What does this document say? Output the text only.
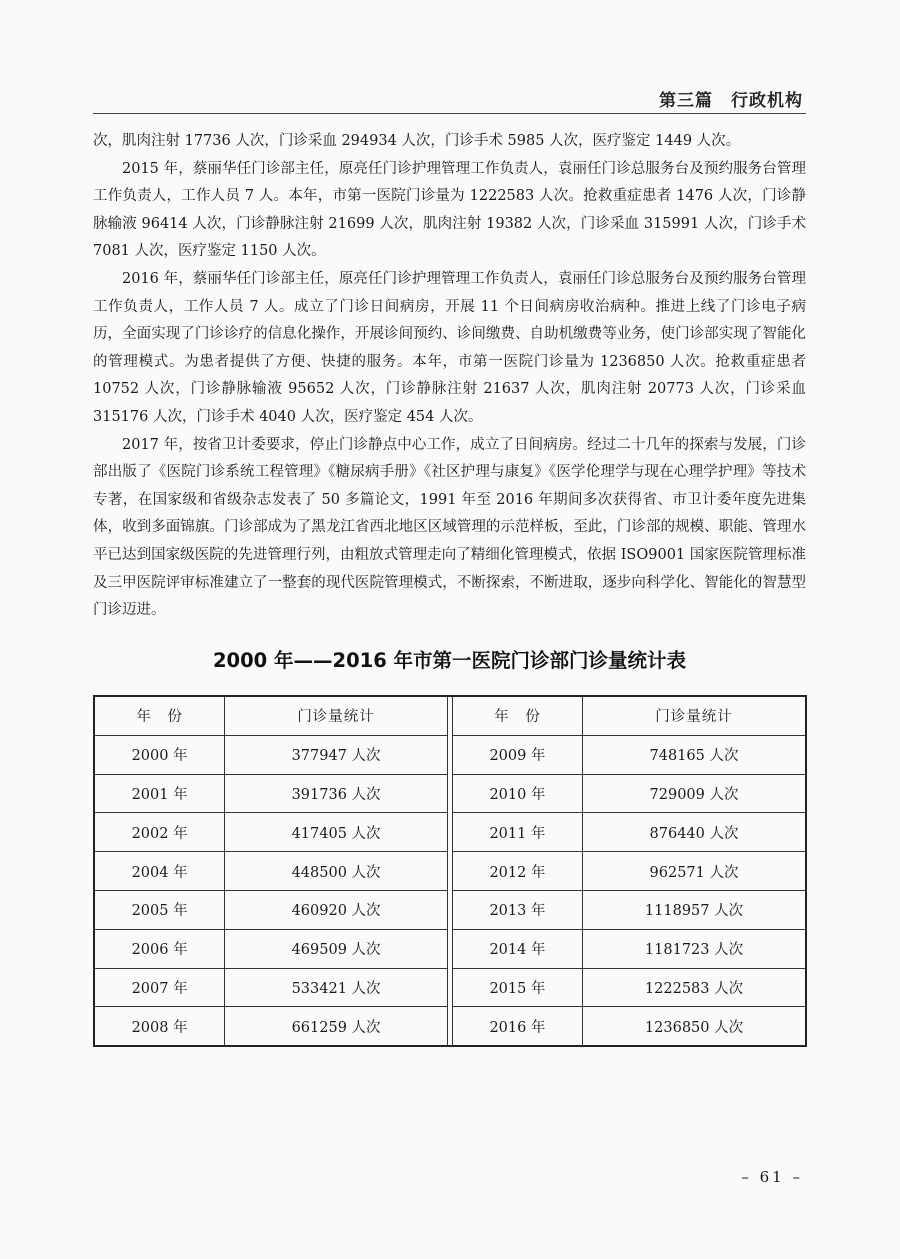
第三篇　行政机构

次，肌肉注射 17736 人次，门诊采血 294934 人次，门诊手术 5985 人次，医疗鉴定 1449 人次。

2015 年，蔡丽华任门诊部主任，原亮任门诊护理管理工作负责人，袁丽任门诊总服务台及预约服务台管理工作负责人，工作人员 7 人。本年，市第一医院门诊量为 1222583 人次。抢救重症患者 1476 人次，门诊静脉输液 96414 人次，门诊静脉注射 21699 人次，肌肉注射 19382 人次，门诊采血 315991 人次，门诊手术 7081 人次，医疗鉴定 1150 人次。

2016 年，蔡丽华任门诊部主任，原亮任门诊护理管理工作负责人，袁丽任门诊总服务台及预约服务台管理工作负责人，工作人员 7 人。成立了门诊日间病房，开展 11 个日间病房收治病种。推进上线了门诊电子病历，全面实现了门诊诊疗的信息化操作，开展诊间预约、诊间缴费、自助机缴费等业务，使门诊部实现了智能化的管理模式。为患者提供了方便、快捷的服务。本年，市第一医院门诊量为 1236850 人次。抢救重症患者 10752 人次，门诊静脉输液 95652 人次，门诊静脉注射 21637 人次，肌肉注射 20773 人次，门诊采血 315176 人次，门诊手术 4040 人次，医疗鉴定 454 人次。

2017 年，按省卫计委要求，停止门诊静点中心工作，成立了日间病房。经过二十几年的探索与发展，门诊部出版了《医院门诊系统工程管理》《糖尿病手册》《社区护理与康复》《医学伦理学与现在心理学护理》等技术专著，在国家级和省级杂志发表了 50 多篇论文，1991 年至 2016 年期间多次获得省、市卫计委年度先进集体，收到多面锦旗。门诊部成为了黑龙江省西北地区区域管理的示范样板，至此，门诊部的规模、职能、管理水平已达到国家级医院的先进管理行列，由粗放式管理走向了精细化管理模式，依据 ISO9001 国家医院管理标准及三甲医院评审标准建立了一整套的现代医院管理模式，不断探索，不断进取，逐步向科学化、智能化的智慧型门诊迈进。

2000 年——2016 年市第一医院门诊部门诊量统计表
年　份	门诊量统计		年　份	门诊量统计
2000 年	377947 人次		2009 年	748165 人次
2001 年	391736 人次		2010 年	729009 人次
2002 年	417405 人次		2011 年	876440 人次
2004 年	448500 人次		2012 年	962571 人次
2005 年	460920 人次		2013 年	1118957 人次
2006 年	469509 人次		2014 年	1181723 人次
2007 年	533421 人次		2015 年	1222583 人次
2008 年	661259 人次		2016 年	1236850 人次
– 61 –
